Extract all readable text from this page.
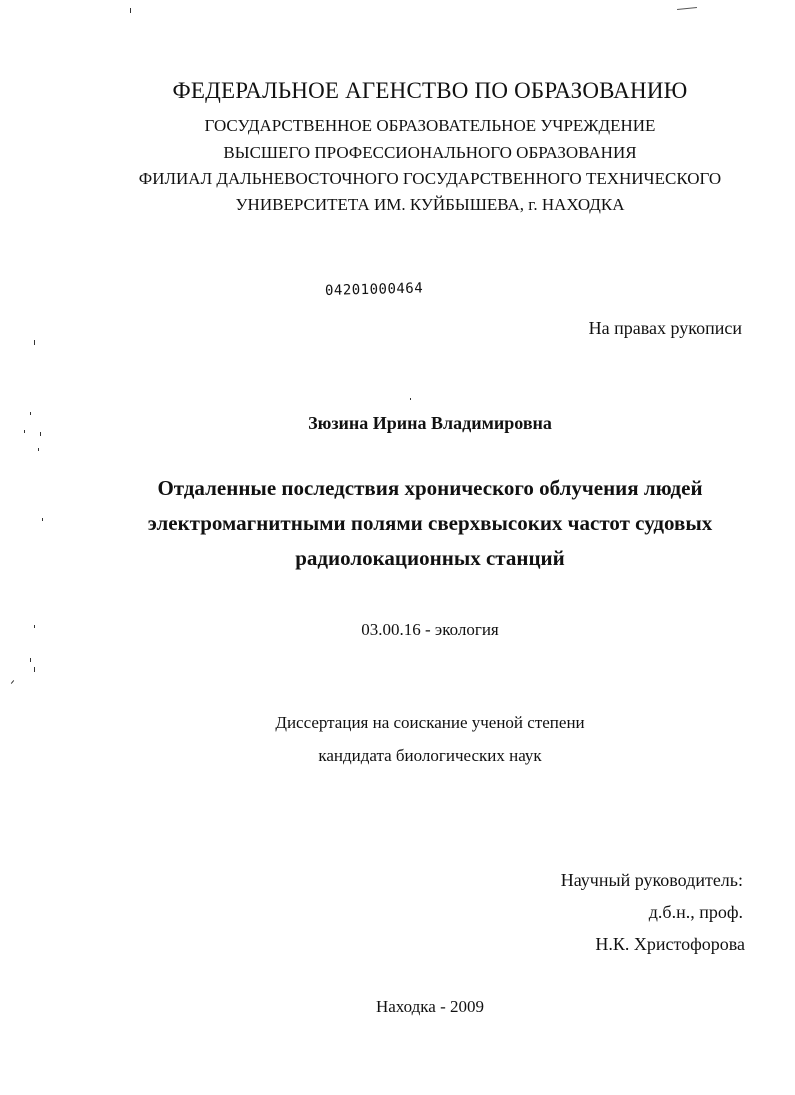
ФЕДЕРАЛЬНОЕ АГЕНСТВО ПО ОБРАЗОВАНИЮ
ГОСУДАРСТВЕННОЕ ОБРАЗОВАТЕЛЬНОЕ УЧРЕЖДЕНИЕ
ВЫСШЕГО ПРОФЕССИОНАЛЬНОГО ОБРАЗОВАНИЯ
ФИЛИАЛ ДАЛЬНЕВОСТОЧНОГО ГОСУДАРСТВЕННОГО ТЕХНИЧЕСКОГО
УНИВЕРСИТЕТА ИМ. КУЙБЫШЕВА, г. НАХОДКА
04201000464
На правах рукописи
Зюзина Ирина Владимировна
Отдаленные последствия хронического облучения людей
электромагнитными полями сверхвысоких частот судовых
радиолокационных станций
03.00.16 - экология
Диссертация на соискание ученой степени
кандидата биологических наук
Научный руководитель:
д.б.н., проф.
Н.К. Христофорова
Находка - 2009
